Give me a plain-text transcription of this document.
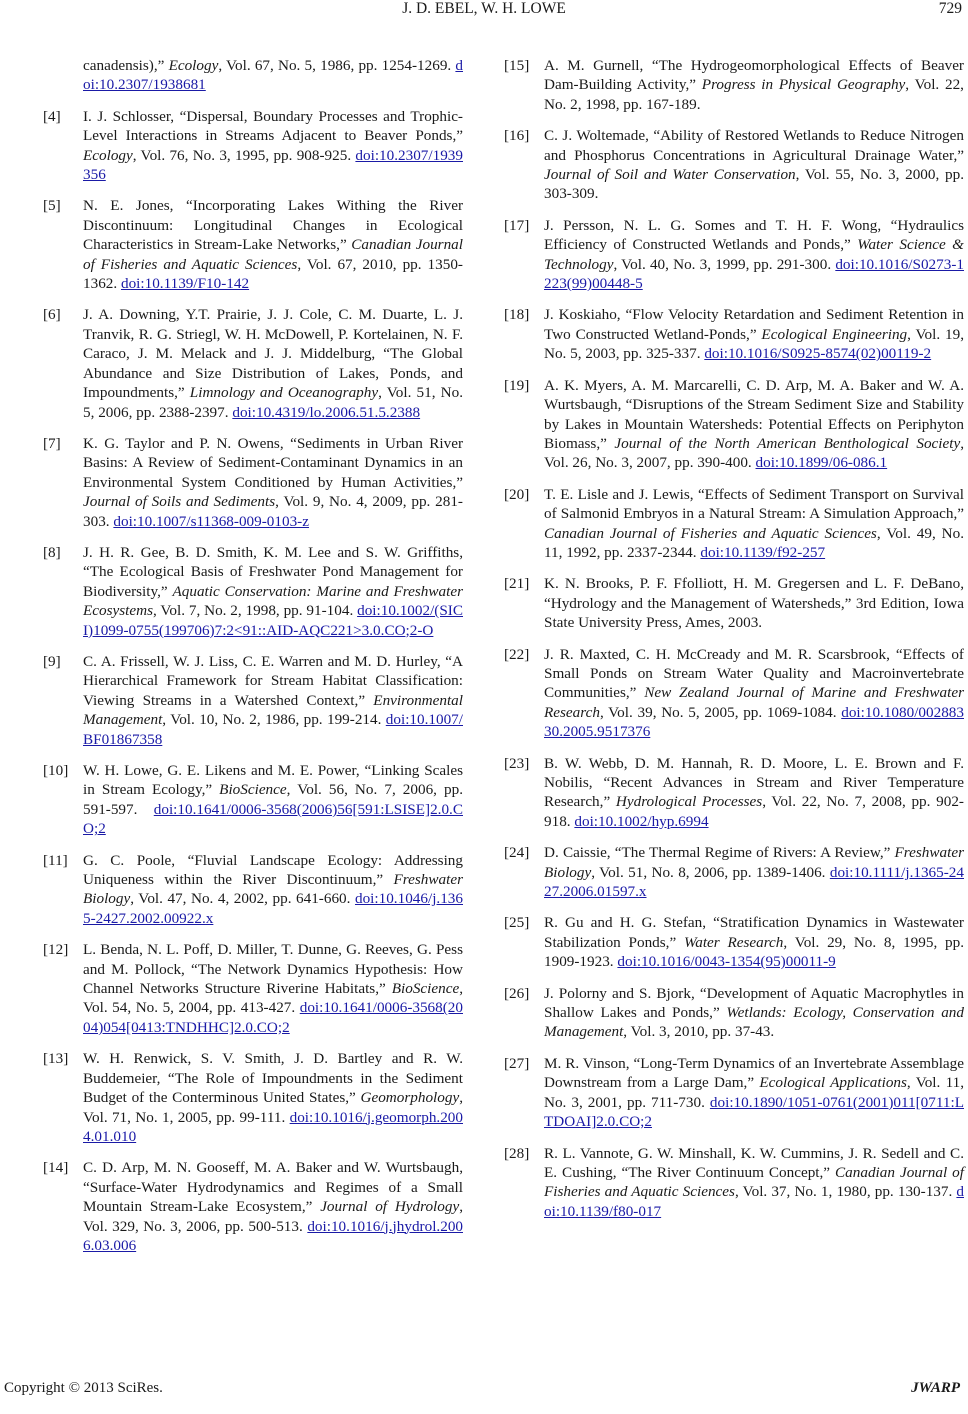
J. D. EBEL, W. H. LOWE	729
canadensis),” Ecology, Vol. 67, No. 5, 1986, pp. 1254-1269. doi:10.2307/1938681
[4] I. J. Schlosser, “Dispersal, Boundary Processes and Trophic-Level Interactions in Streams Adjacent to Beaver Ponds,” Ecology, Vol. 76, No. 3, 1995, pp. 908-925. doi:10.2307/1939356
[5] N. E. Jones, “Incorporating Lakes Withing the River Discontinuum: Longitudinal Changes in Ecological Characteristics in Stream-Lake Networks,” Canadian Journal of Fisheries and Aquatic Sciences, Vol. 67, 2010, pp. 1350-1362. doi:10.1139/F10-142
[6] J. A. Downing, Y.T. Prairie, J. J. Cole, C. M. Duarte, L. J. Tranvik, R. G. Striegl, W. H. McDowell, P. Kortelainen, N. F. Caraco, J. M. Melack and J. J. Middelburg, “The Global Abundance and Size Distribution of Lakes, Ponds, and Impoundments,” Limnology and Oceanography, Vol. 51, No. 5, 2006, pp. 2388-2397. doi:10.4319/lo.2006.51.5.2388
[7] K. G. Taylor and P. N. Owens, “Sediments in Urban River Basins: A Review of Sediment-Contaminant Dynamics in an Environmental System Conditioned by Human Activities,” Journal of Soils and Sediments, Vol. 9, No. 4, 2009, pp. 281-303. doi:10.1007/s11368-009-0103-z
[8] J. H. R. Gee, B. D. Smith, K. M. Lee and S. W. Griffiths, “The Ecological Basis of Freshwater Pond Management for Biodiversity,” Aquatic Conservation: Marine and Freshwater Ecosystems, Vol. 7, No. 2, 1998, pp. 91-104. doi:10.1002/(SICI)1099-0755(199706)7:2<91::AID-AQC221>3.0.CO;2-O
[9] C. A. Frissell, W. J. Liss, C. E. Warren and M. D. Hurley, “A Hierarchical Framework for Stream Habitat Classification: Viewing Streams in a Watershed Context,” Environmental Management, Vol. 10, No. 2, 1986, pp. 199-214. doi:10.1007/BF01867358
[10] W. H. Lowe, G. E. Likens and M. E. Power, “Linking Scales in Stream Ecology,” BioScience, Vol. 56, No. 7, 2006, pp. 591-597. doi:10.1641/0006-3568(2006)56[591:LSISE]2.0.CO;2
[11] G. C. Poole, “Fluvial Landscape Ecology: Addressing Uniqueness within the River Discontinuum,” Freshwater Biology, Vol. 47, No. 4, 2002, pp. 641-660. doi:10.1046/j.1365-2427.2002.00922.x
[12] L. Benda, N. L. Poff, D. Miller, T. Dunne, G. Reeves, G. Pess and M. Pollock, “The Network Dynamics Hypothesis: How Channel Networks Structure Riverine Habitats,” BioScience, Vol. 54, No. 5, 2004, pp. 413-427. doi:10.1641/0006-3568(2004)054[0413:TNDHHC]2.0.CO;2
[13] W. H. Renwick, S. V. Smith, J. D. Bartley and R. W. Buddemeier, “The Role of Impoundments in the Sediment Budget of the Conterminous United States,” Geomorphology, Vol. 71, No. 1, 2005, pp. 99-111. doi:10.1016/j.geomorph.2004.01.010
[14] C. D. Arp, M. N. Gooseff, M. A. Baker and W. Wurtsbaugh, “Surface-Water Hydrodynamics and Regimes of a Small Mountain Stream-Lake Ecosystem,” Journal of Hydrology, Vol. 329, No. 3, 2006, pp. 500-513. doi:10.1016/j.jhydrol.2006.03.006
[15] A. M. Gurnell, “The Hydrogeomorphological Effects of Beaver Dam-Building Activity,” Progress in Physical Geography, Vol. 22, No. 2, 1998, pp. 167-189.
[16] C. J. Woltemade, “Ability of Restored Wetlands to Reduce Nitrogen and Phosphorus Concentrations in Agricultural Drainage Water,” Journal of Soil and Water Conservation, Vol. 55, No. 3, 2000, pp. 303-309.
[17] J. Persson, N. L. G. Somes and T. H. F. Wong, “Hydraulics Efficiency of Constructed Wetlands and Ponds,” Water Science & Technology, Vol. 40, No. 3, 1999, pp. 291-300. doi:10.1016/S0273-1223(99)00448-5
[18] J. Koskiaho, “Flow Velocity Retardation and Sediment Retention in Two Constructed Wetland-Ponds,” Ecological Engineering, Vol. 19, No. 5, 2003, pp. 325-337. doi:10.1016/S0925-8574(02)00119-2
[19] A. K. Myers, A. M. Marcarelli, C. D. Arp, M. A. Baker and W. A. Wurtsbaugh, “Disruptions of the Stream Sediment Size and Stability by Lakes in Mountain Watersheds: Potential Effects on Periphyton Biomass,” Journal of the North American Benthological Society, Vol. 26, No. 3, 2007, pp. 390-400. doi:10.1899/06-086.1
[20] T. E. Lisle and J. Lewis, “Effects of Sediment Transport on Survival of Salmonid Embryos in a Natural Stream: A Simulation Approach,” Canadian Journal of Fisheries and Aquatic Sciences, Vol. 49, No. 11, 1992, pp. 2337-2344. doi:10.1139/f92-257
[21] K. N. Brooks, P. F. Ffolliott, H. M. Gregersen and L. F. DeBano, “Hydrology and the Management of Watersheds,” 3rd Edition, Iowa State University Press, Ames, 2003.
[22] J. R. Maxted, C. H. McCready and M. R. Scarsbrook, “Effects of Small Ponds on Stream Water Quality and Macroinvertebrate Communities,” New Zealand Journal of Marine and Freshwater Research, Vol. 39, No. 5, 2005, pp. 1069-1084. doi:10.1080/00288330.2005.9517376
[23] B. W. Webb, D. M. Hannah, R. D. Moore, L. E. Brown and F. Nobilis, “Recent Advances in Stream and River Temperature Research,” Hydrological Processes, Vol. 22, No. 7, 2008, pp. 902-918. doi:10.1002/hyp.6994
[24] D. Caissie, “The Thermal Regime of Rivers: A Review,” Freshwater Biology, Vol. 51, No. 8, 2006, pp. 1389-1406. doi:10.1111/j.1365-2427.2006.01597.x
[25] R. Gu and H. G. Stefan, “Stratification Dynamics in Wastewater Stabilization Ponds,” Water Research, Vol. 29, No. 8, 1995, pp. 1909-1923. doi:10.1016/0043-1354(95)00011-9
[26] J. Polorny and S. Bjork, “Development of Aquatic Macrophytles in Shallow Lakes and Ponds,” Wetlands: Ecology, Conservation and Management, Vol. 3, 2010, pp. 37-43.
[27] M. R. Vinson, “Long-Term Dynamics of an Invertebrate Assemblage Downstream from a Large Dam,” Ecological Applications, Vol. 11, No. 3, 2001, pp. 711-730. doi:10.1890/1051-0761(2001)011[0711:LTDOAI]2.0.CO;2
[28] R. L. Vannote, G. W. Minshall, K. W. Cummins, J. R. Sedell and C. E. Cushing, “The River Continuum Concept,” Canadian Journal of Fisheries and Aquatic Sciences, Vol. 37, No. 1, 1980, pp. 130-137. doi:10.1139/f80-017
Copyright © 2013 SciRes.	JWARP
